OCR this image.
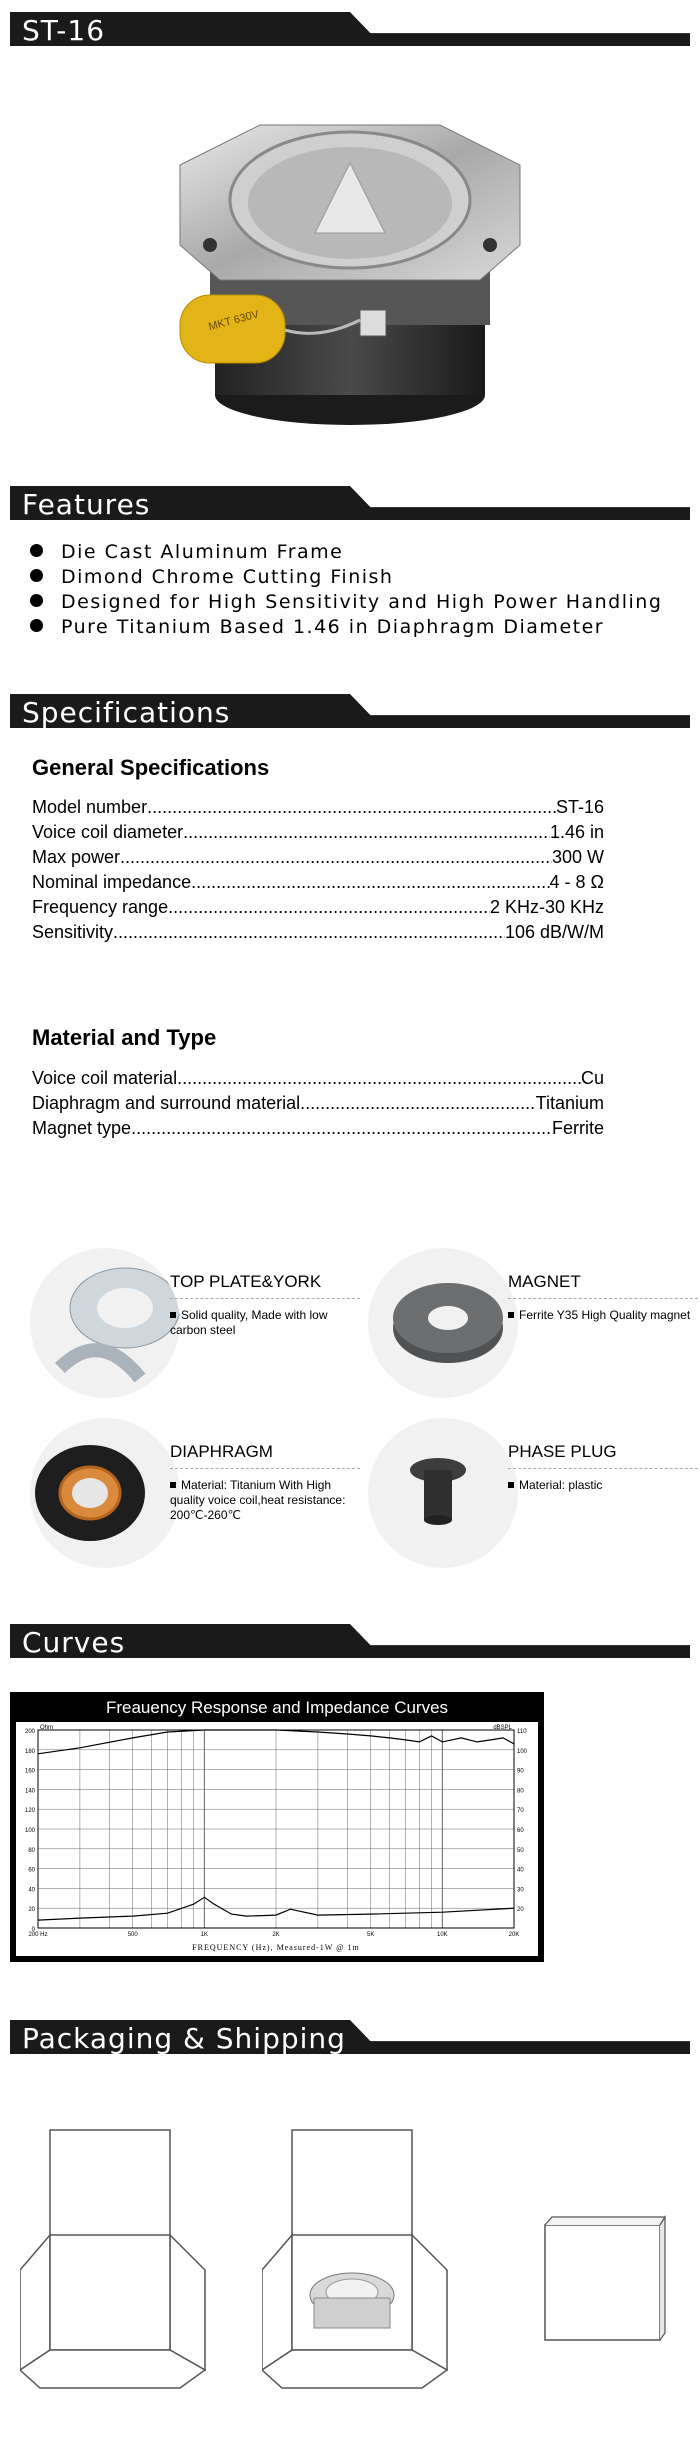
ST-16
MKT 630V
Features
Die Cast Aluminum Frame
Dimond Chrome Cutting Finish
Designed for High Sensitivity and High Power Handling
Pure Titanium Based 1.46 in Diaphragm Diameter
Specifications
General Specifications
Model number .....	ST-16
Voice coil diameter .....	1.46 in
Max power .....	300 W
Nominal impedance .....	4 - 8 Ω
Frequency range .....	2 KHz-30 KHz
Sensitivity .....	106 dB/W/M
Material and Type
Voice coil material .....	Cu
Diaphragm and surround material .....	Titanium
Magnet type .....	Ferrite
TOP PLATE&YORK
Solid quality, Made with low carbon steel
MAGNET
Ferrite Y35 High Quality magnet
DIAPHRAGM
Material: Titanium With High quality voice coil,heat resistance: 200℃-260℃
PHASE PLUG
Material: plastic
Curves
Freauency Response and Impedance Curves
0
20
40
60
80
100
120
140
160
180
200
20
30
40
50
60
70
80
90
100
110
Ohm	dBSPL
200 Hz	500	1K	2K	5K	10K	20K
FREQUENCY (Hz), Measured-1W @ 1m
Packaging & Shipping
